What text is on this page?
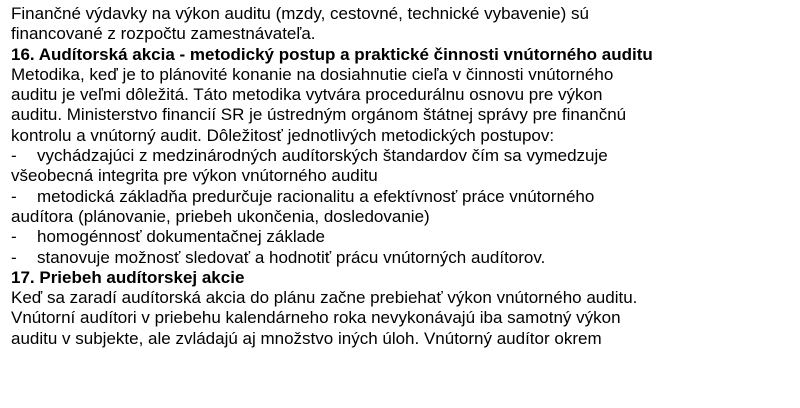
Finančné výdavky na výkon auditu (mzdy, cestovné, technické vybavenie) sú
financované z rozpočtu zamestnávateľa.
16. Audítorská akcia - metodický postup a praktické činnosti vnútorného auditu
Metodika, keď je to plánovité konanie na dosiahnutie cieľa v činnosti vnútorného
auditu je veľmi dôležitá. Táto metodika vytvára procedurálnu osnovu pre výkon
auditu. Ministerstvo financií SR je ústredným orgánom štátnej správy pre finančnú
kontrolu a vnútorný audit. Dôležitosť jednotlivých metodických postupov:
- vychádzajúci z medzinárodných audítorských štandardov čím sa vymedzuje
všeobecná integrita pre výkon vnútorného auditu
- metodická základňa predurčuje racionalitu a efektívnosť práce vnútorného
audítora (plánovanie, priebeh ukončenia, dosledovanie)
- homogénnosť dokumentačnej základe
- stanovuje možnosť sledovať a hodnotiť prácu vnútorných audítorov.
17. Priebeh audítorskej akcie
Keď sa zaradí audítorská akcia do plánu začne prebiehať výkon vnútorného auditu.
Vnútorní audítori v priebehu kalendárneho roka nevykonávajú iba samotný výkon
auditu v subjekte, ale zvládajú aj množstvo iných úloh. Vnútorný audítor okrem
